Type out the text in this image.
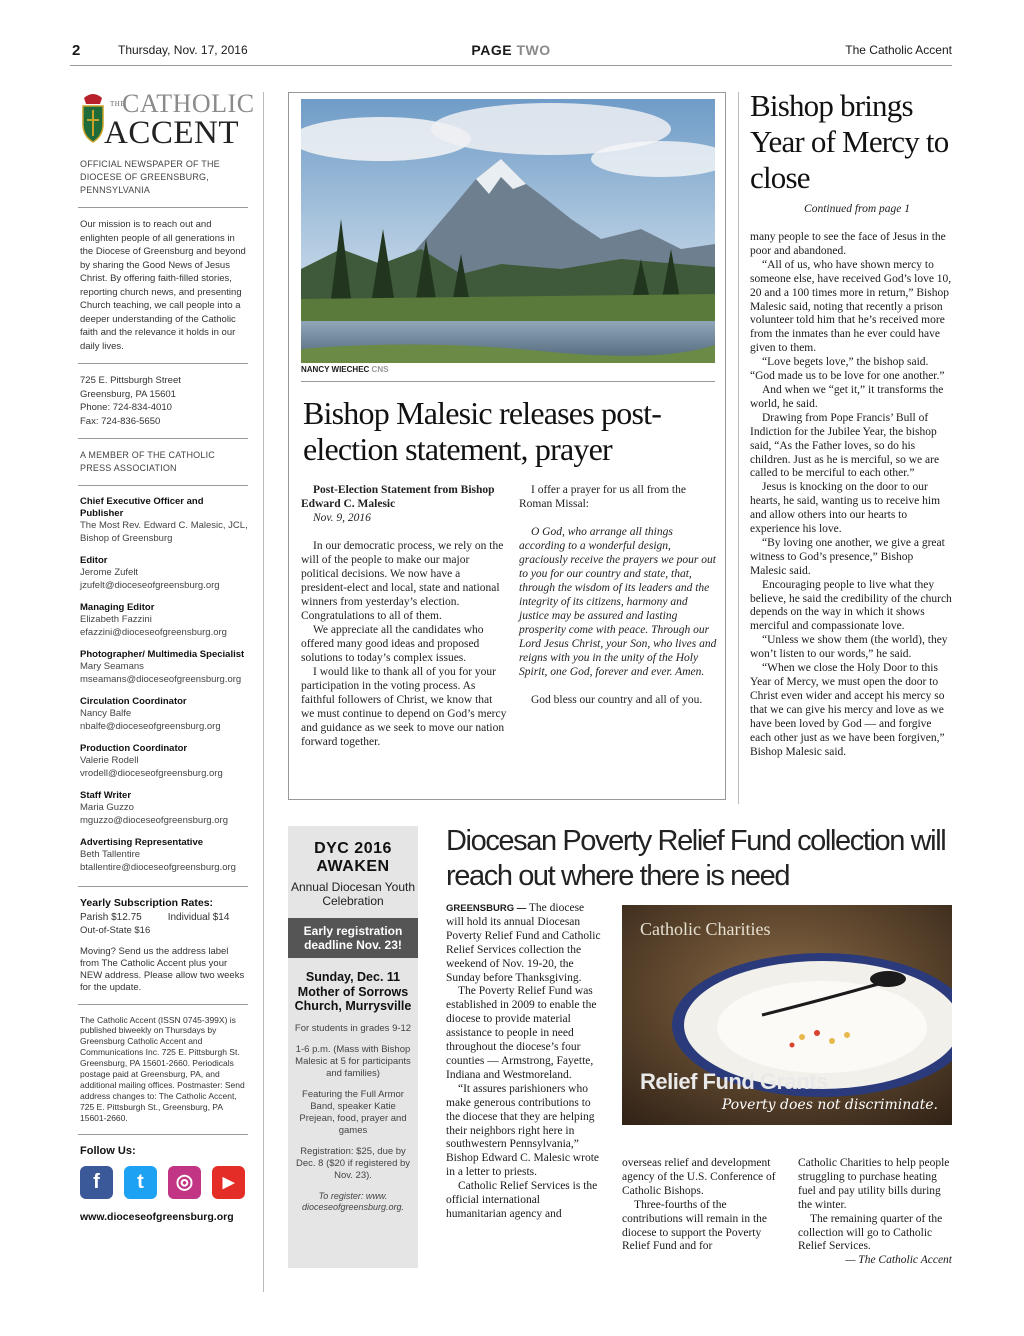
2	Thursday, Nov. 17, 2016	PAGE TWO	The Catholic Accent
THE
CATHOLIC
ACCENT
OFFICIAL NEWSPAPER OF THE DIOCESE OF GREENSBURG, PENNSYLVANIA
Our mission is to reach out and enlighten people of all generations in the Diocese of Greensburg and beyond by sharing the Good News of Jesus Christ. By offering faith-filled stories, reporting church news, and presenting Church teaching, we call people into a deeper understanding of the Catholic faith and the relevance it holds in our daily lives.
725 E. Pittsburgh Street
Greensburg, PA 15601
Phone: 724-834-4010
Fax: 724-836-5650
A MEMBER OF THE CATHOLIC PRESS ASSOCIATION
Chief Executive Officer and Publisher
The Most Rev. Edward C. Malesic, JCL, Bishop of Greensburg
Editor
Jerome Zufelt
jzufelt@dioceseofgreensburg.org
Managing Editor
Elizabeth Fazzini
efazzini@dioceseofgreensburg.org
Photographer/ Multimedia Specialist
Mary Seamans
mseamans@dioceseofgreensburg.org
Circulation Coordinator
Nancy Balfe
nbalfe@dioceseofgreensburg.org
Production Coordinator
Valerie Rodell
vrodell@dioceseofgreensburg.org
Staff Writer
Maria Guzzo
mguzzo@dioceseofgreensburg.org
Advertising Representative
Beth Tallentire
btallentire@dioceseofgreensburg.org
Yearly Subscription Rates:
Parish $12.75	Individual $14
Out-of-State $16
Moving? Send us the address label from The Catholic Accent plus your NEW address. Please allow two weeks for the update.
The Catholic Accent (ISSN 0745-399X) is published biweekly on Thursdays by Greensburg Catholic Accent and Communications Inc. 725 E. Pittsburgh St. Greensburg, PA 15601-2660. Periodicals postage paid at Greensburg, PA, and additional mailing offices. Postmaster: Send address changes to: The Catholic Accent, 725 E. Pittsburgh St., Greensburg, PA 15601-2660.
Follow Us:
f	t	◎	▶
www.dioceseofgreensburg.org
NANCY WIECHEC CNS
Bishop Malesic releases post-election statement, prayer
Post-Election Statement from Bishop Edward C. Malesic
Nov. 9, 2016
In our democratic process, we rely on the will of the people to make our major political decisions. We now have a president-elect and local, state and national winners from yesterday’s election. Congratulations to all of them.
We appreciate all the candidates who offered many good ideas and proposed solutions to today’s complex issues.
I would like to thank all of you for your participation in the voting process. As faithful followers of Christ, we know that we must continue to depend on God’s mercy and guidance as we seek to move our nation forward together.
I offer a prayer for us all from the Roman Missal:
O God, who arrange all things according to a wonderful design, graciously receive the prayers we pour out to you for our country and state, that, through the wisdom of its leaders and the integrity of its citizens, harmony and justice may be assured and lasting prosperity come with peace. Through our Lord Jesus Christ, your Son, who lives and reigns with you in the unity of the Holy Spirit, one God, forever and ever. Amen.
God bless our country and all of you.
Bishop brings Year of Mercy to close
Continued from page 1
many people to see the face of Jesus in the poor and abandoned.
“All of us, who have shown mercy to someone else, have received God’s love 10, 20 and a 100 times more in return,” Bishop Malesic said, noting that recently a prison volunteer told him that he’s received more from the inmates than he ever could have given to them.
“Love begets love,” the bishop said. “God made us to be love for one another.”
And when we “get it,” it transforms the world, he said.
Drawing from Pope Francis’ Bull of Indiction for the Jubilee Year, the bishop said, “As the Father loves, so do his children. Just as he is merciful, so we are called to be merciful to each other.”
Jesus is knocking on the door to our hearts, he said, wanting us to receive him and allow others into our hearts to experience his love.
“By loving one another, we give a great witness to God’s presence,” Bishop Malesic said.
Encouraging people to live what they believe, he said the credibility of the church depends on the way in which it shows merciful and compassionate love.
“Unless we show them (the world), they won’t listen to our words,” he said.
“When we close the Holy Door to this Year of Mercy, we must open the door to Christ even wider and accept his mercy so that we can give his mercy and love as we have been loved by God — and forgive each other just as we have been forgiven,” Bishop Malesic said.
DYC 2016 AWAKEN
Annual Diocesan Youth Celebration
Early registration deadline Nov. 23!
Sunday, Dec. 11 Mother of Sorrows Church, Murrysville
For students in grades 9-12
1-6 p.m. (Mass with Bishop Malesic at 5 for participants and families)
Featuring the Full Armor Band, speaker Katie Prejean, food, prayer and games
Registration: $25, due by Dec. 8 ($20 if registered by Nov. 23).
To register: www. dioceseofgreensburg.org.
Diocesan Poverty Relief Fund collection will reach out where there is need
GREENSBURG — The diocese will hold its annual Diocesan Poverty Relief Fund and Catholic Relief Services collection the weekend of Nov. 19-20, the Sunday before Thanksgiving.
The Poverty Relief Fund was established in 2009 to enable the diocese to provide material assistance to people in need throughout the diocese’s four counties — Armstrong, Fayette, Indiana and Westmoreland.
“It assures parishioners who make generous contributions to the diocese that they are helping their neighbors right here in southwestern Pennsylvania,” Bishop Edward C. Malesic wrote in a letter to priests.
Catholic Relief Services is the official international humanitarian agency and
Catholic Charities
Relief Fund Grants
Poverty does not discriminate.
overseas relief and development agency of the U.S. Conference of Catholic Bishops.
Three-fourths of the contributions will remain in the diocese to support the Poverty Relief Fund and for
Catholic Charities to help people struggling to purchase heating fuel and pay utility bills during the winter.
The remaining quarter of the collection will go to Catholic Relief Services.
— The Catholic Accent
